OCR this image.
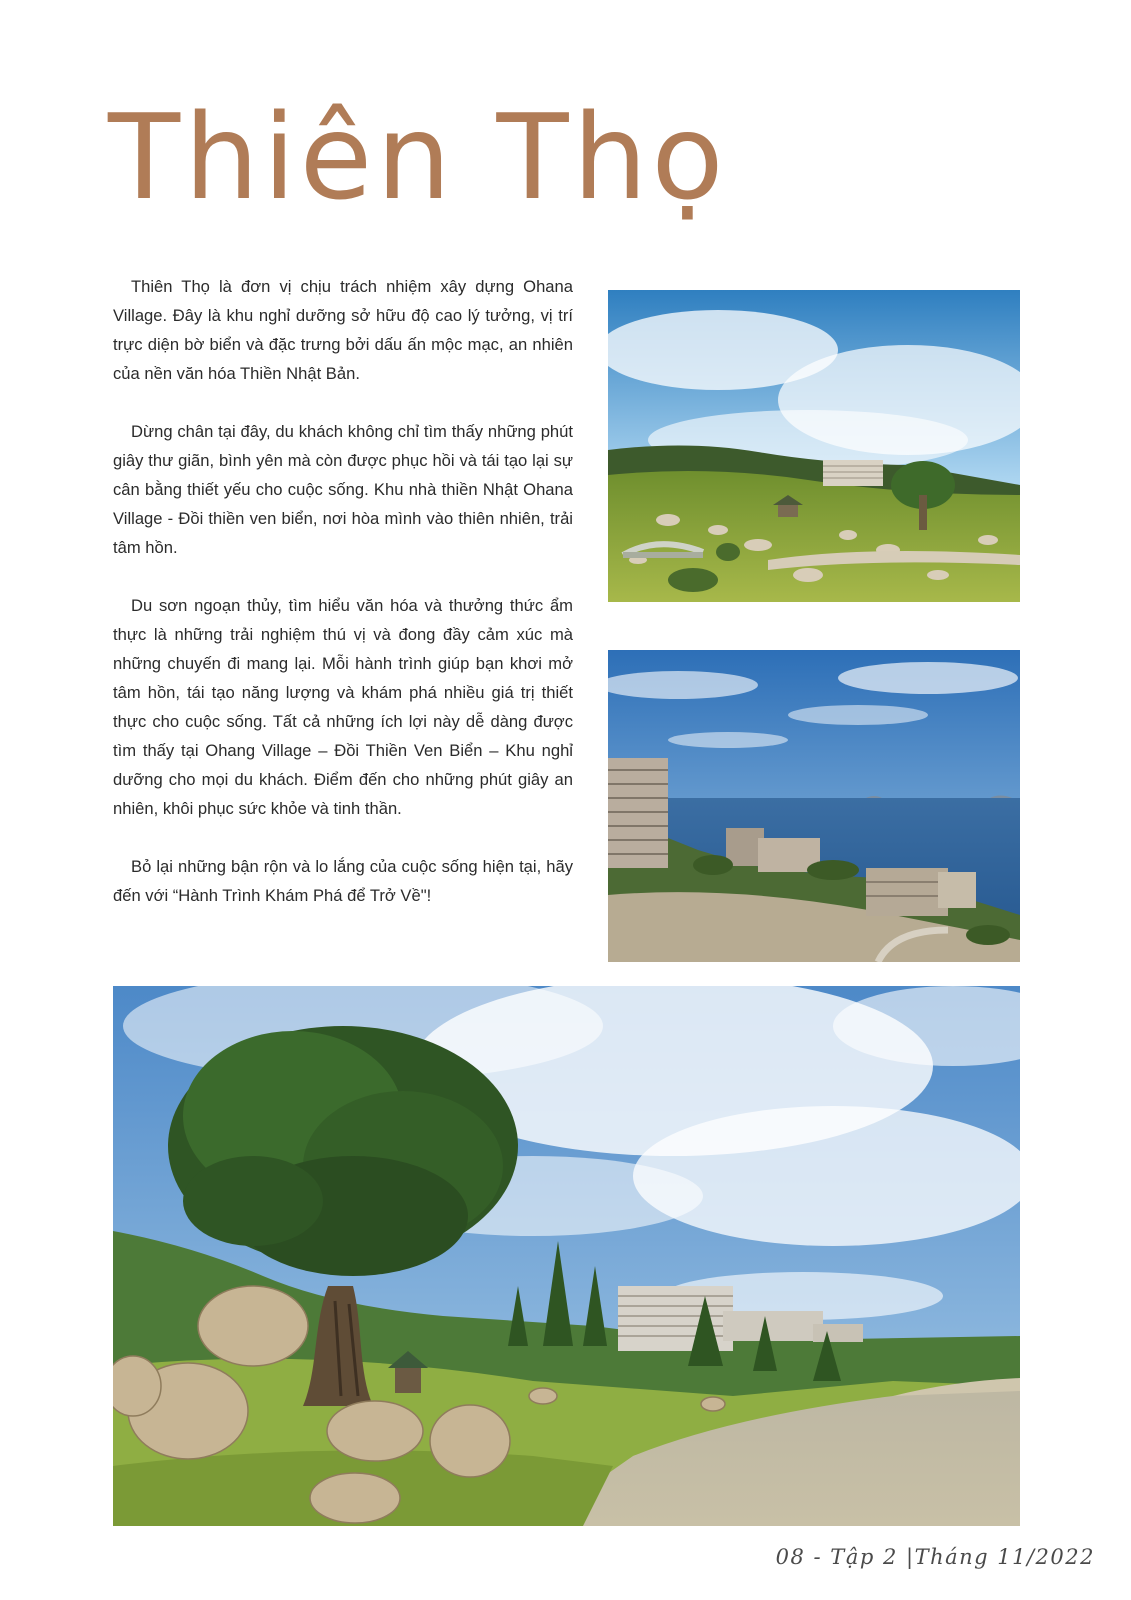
Thiên Thọ

Thiên Thọ là đơn vị chịu trách nhiệm xây dựng Ohana Village. Đây là khu nghỉ dưỡng sở hữu độ cao lý tưởng, vị trí trực diện bờ biển và đặc trưng bởi dấu ấn mộc mạc, an nhiên của nền văn hóa Thiền Nhật Bản.

Dừng chân tại đây, du khách không chỉ tìm thấy những phút giây thư giãn, bình yên mà còn được phục hồi và tái tạo lại sự cân bằng thiết yếu cho cuộc sống. Khu nhà thiền Nhật Ohana Village - Đồi thiền ven biển, nơi hòa mình vào thiên nhiên, trải tâm hồn.

Du sơn ngoạn thủy, tìm hiểu văn hóa và thưởng thức ẩm thực là những trải nghiệm thú vị và đong đầy cảm xúc mà những chuyến đi mang lại. Mỗi hành trình giúp bạn khơi mở tâm hồn, tái tạo năng lượng và khám phá nhiều giá trị thiết thực cho cuộc sống. Tất cả những ích lợi này dễ dàng được tìm thấy tại Ohang Village – Đồi Thiền Ven Biển – Khu nghỉ dưỡng cho mọi du khách. Điểm đến cho những phút giây an nhiên, khôi phục sức khỏe và tinh thần.

Bỏ lại những bận rộn và lo lắng của cuộc sống hiện tại, hãy đến với “Hành Trình Khám Phá để Trở Về"!

08 - Tập 2 |Tháng 11/2022
